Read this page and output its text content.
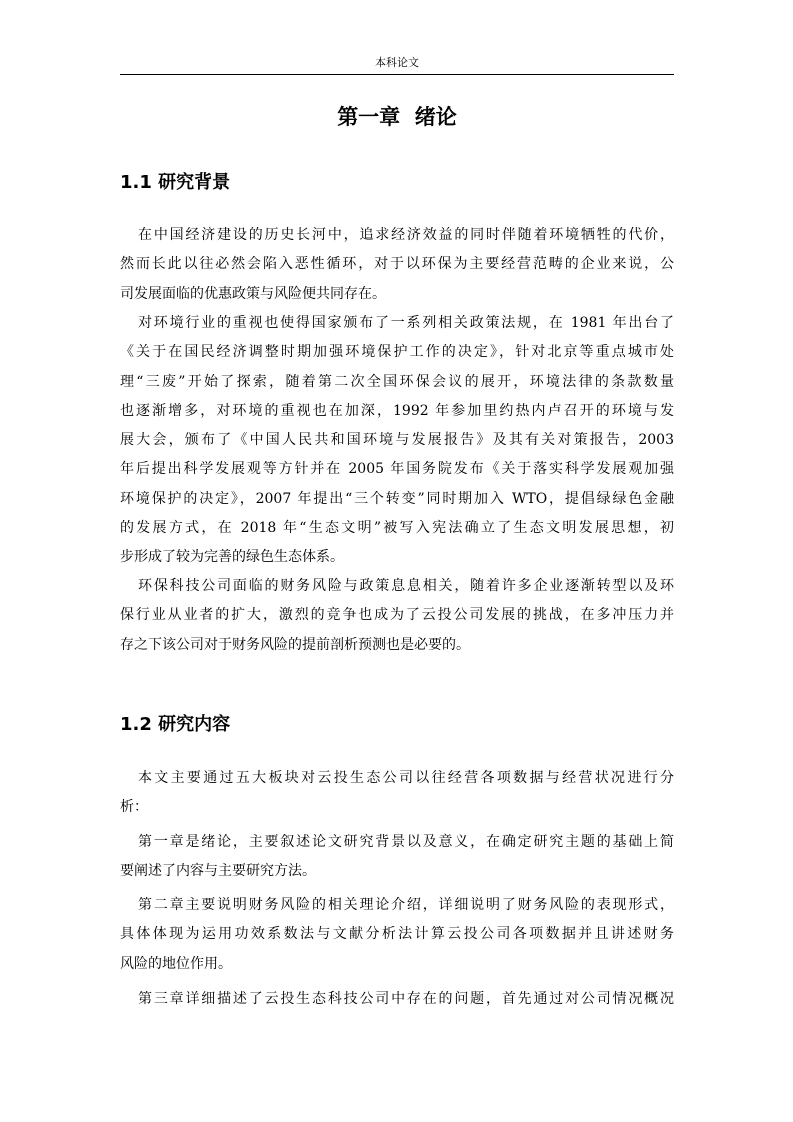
本科论文
第一章  绪论
1.1 研究背景
在中国经济建设的历史长河中，追求经济效益的同时伴随着环境牺牲的代价，
然而长此以往必然会陷入恶性循环，对于以环保为主要经营范畴的企业来说，公
司发展面临的优惠政策与风险便共同存在。
对环境行业的重视也使得国家颁布了一系列相关政策法规，在 1981 年出台了
《关于在国民经济调整时期加强环境保护工作的决定》，针对北京等重点城市处
理“三废”开始了探索，随着第二次全国环保会议的展开，环境法律的条款数量
也逐渐增多，对环境的重视也在加深，1992 年参加里约热内卢召开的环境与发
展大会，颁布了《中国人民共和国环境与发展报告》及其有关对策报告，2003
年后提出科学发展观等方针并在 2005 年国务院发布《关于落实科学发展观加强
环境保护的决定》，2007 年提出“三个转变”同时期加入 WTO，提倡绿绿色金融
的发展方式，在 2018 年“生态文明”被写入宪法确立了生态文明发展思想，初
步形成了较为完善的绿色生态体系。
环保科技公司面临的财务风险与政策息息相关，随着许多企业逐渐转型以及环
保行业从业者的扩大，激烈的竞争也成为了云投公司发展的挑战，在多冲压力并
存之下该公司对于财务风险的提前剖析预测也是必要的。
1.2 研究内容
本文主要通过五大板块对云投生态公司以往经营各项数据与经营状况进行分
析：
第一章是绪论，主要叙述论文研究背景以及意义，在确定研究主题的基础上简
要阐述了内容与主要研究方法。
第二章主要说明财务风险的相关理论介绍，详细说明了财务风险的表现形式，
具体体现为运用功效系数法与文献分析法计算云投公司各项数据并且讲述财务
风险的地位作用。
第三章详细描述了云投生态科技公司中存在的问题，首先通过对公司情况概况
